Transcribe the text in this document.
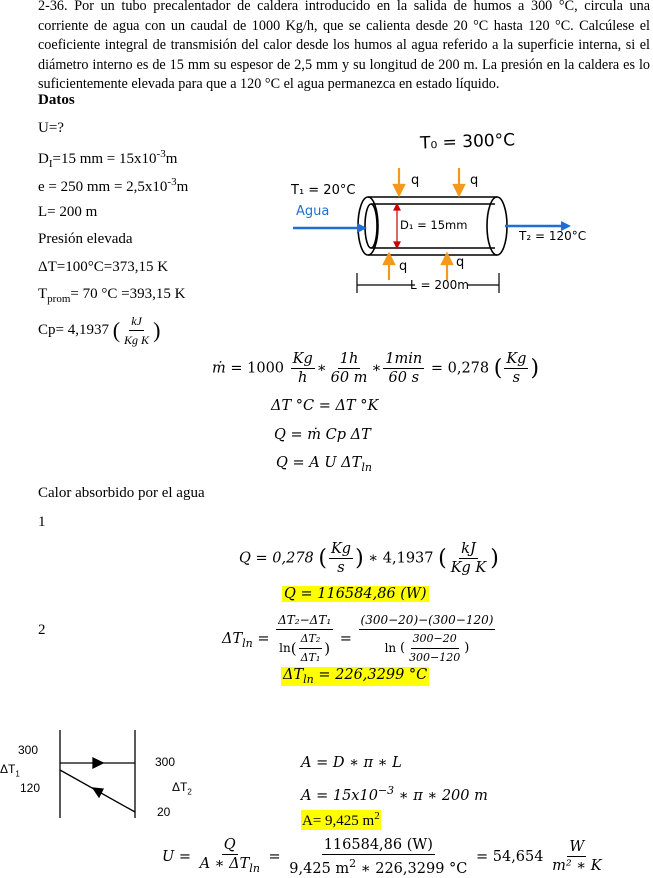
2-36. Por un tubo precalentador de caldera introducido en la salida de humos a 300 °C, circula una corriente de agua con un caudal de 1000 Kg/h, que se calienta desde 20 °C hasta 120 °C. Calcúlese el coeficiente integral de transmisión del calor desde los humos al agua referido a la superficie interna, si el diámetro interno es de 15 mm su espesor de 2,5 mm y su longitud de 200 m. La presión en la caldera es lo suficientemente elevada para que a 120 °C el agua permanezca en estado líquido.
Datos
U=?
$D_I=15$ mm = $15x10^{-3}m$
e = 250 mm = $2,5x10^{-3}m$
L= 200 m
Presión elevada
ΔT=100°C=373,15 K
$T_{prom}= 70$ °C =393,15 K
Cp= 4,1937 ( $\frac{kJ}{\text{Kg K}}$ )
T₀ = 300°C
T₁ = 20°C
Agua
q	q
q	q
D₁ = 15mm
T₂ = 120°C
L = 200m
ṁ = $1000 \frac{Kg}{h}$ ∗ $\frac{1h}{60 m}$ ∗ $\frac{1\min}{60 s} = 0,278$ ( $\frac{Kg}{s}$ )
ΔT °C = ΔT °K
Q = ṁ Cp ΔT
Q = A U $\Delta T_{ln}$
Calor absorbido por el agua
1
Q = 0,278 ( $\frac{Kg}{s}$ ) ∗ 4,1937 ( $\frac{kJ}{\text{Kg K}}$ )
Q = 116584,86 (W)
2
$\Delta T_{ln} = \frac{\text{ΔT₂−ΔT₁}}{\ln( \frac{\text{ΔT₂}}{\text{ΔT₁}} )} = \frac{(300-20)-(300-120)}{\ln ( \frac{300-20}{300-120} )}$
$\Delta T_{ln} = 226,3299$ °C
300
$\Delta T_1$
120
300
$\Delta T_2$
20
A = D ∗ π ∗ L
$A = 15x10^{-3}$ ∗ π ∗ 200 m
A= 9,425 $m^2$
$U = \frac{Q}{A ∗ \Delta T_{ln}} = \frac{116584,86 (W)}{9,425 m^2 ∗ 226,3299 ^\circ C} = 54,654 \frac{W}{\text{m² ∗ K}}$
